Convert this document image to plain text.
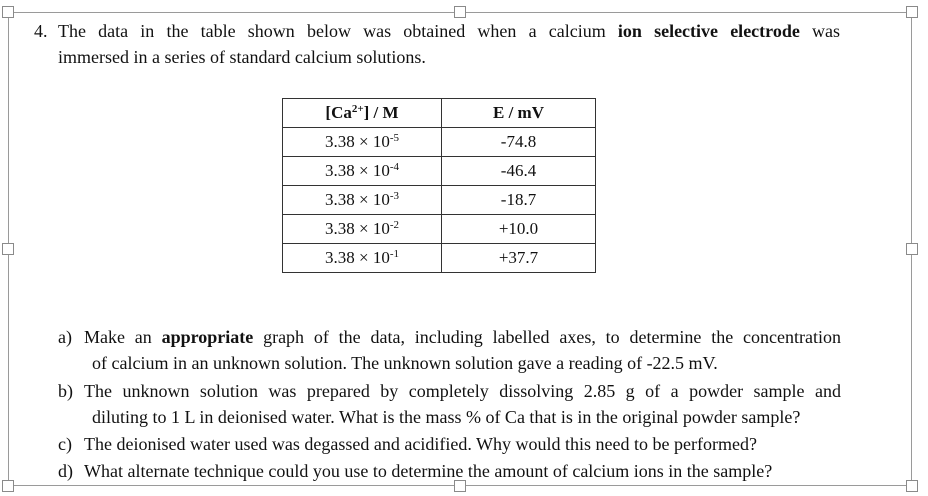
4. The data in the table shown below was obtained when a calcium ion selective electrode was
immersed in a series of standard calcium solutions.
$[Ca^{2+}]$ / M	E / mV
$3.38 \times 10^{-5}$	-74.8
$3.38 \times 10^{-4}$	-46.4
$3.38 \times 10^{-3}$	-18.7
$3.38 \times 10^{-2}$	+10.0
$3.38 \times 10^{-1}$	+37.7
a) Make an appropriate graph of the data, including labelled axes, to determine the concentration
of calcium in an unknown solution. The unknown solution gave a reading of -22.5 mV.
b) The unknown solution was prepared by completely dissolving 2.85 g of a powder sample and
diluting to 1 L in deionised water. What is the mass % of Ca that is in the original powder sample?
c) The deionised water used was degassed and acidified. Why would this need to be performed?
d) What alternate technique could you use to determine the amount of calcium ions in the sample?
